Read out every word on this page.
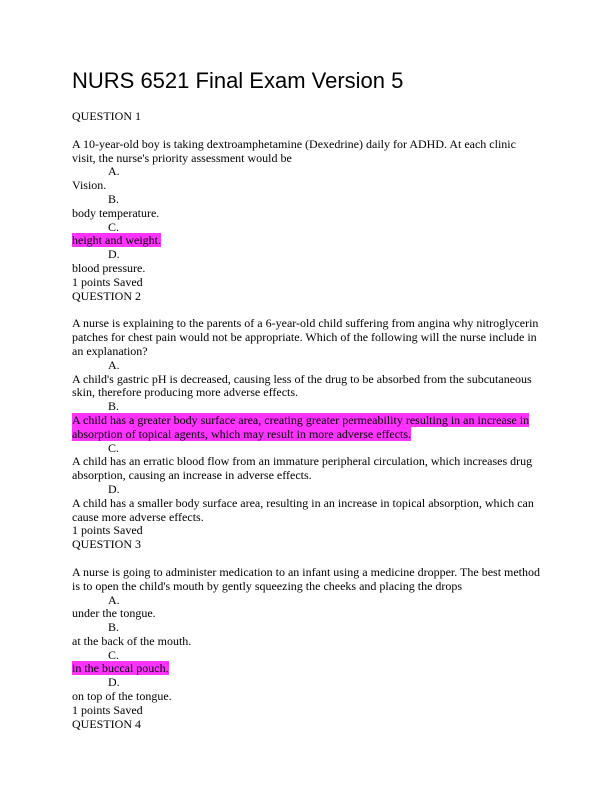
NURS 6521 Final Exam Version 5
QUESTION 1
A 10-year-old boy is taking dextroamphetamine (Dexedrine) daily for ADHD. At each clinic visit, the nurse's priority assessment would be
A.
Vision.
B.
body temperature.
C.
height and weight.
D.
blood pressure.
1 points Saved
QUESTION 2
A nurse is explaining to the parents of a 6-year-old child suffering from angina why nitroglycerin patches for chest pain would not be appropriate. Which of the following will the nurse include in an explanation?
A.
A child's gastric pH is decreased, causing less of the drug to be absorbed from the subcutaneous skin, therefore producing more adverse effects.
B.
A child has a greater body surface area, creating greater permeability resulting in an increase in absorption of topical agents, which may result in more adverse effects.
C.
A child has an erratic blood flow from an immature peripheral circulation, which increases drug absorption, causing an increase in adverse effects.
D.
A child has a smaller body surface area, resulting in an increase in topical absorption, which can cause more adverse effects.
1 points Saved
QUESTION 3
A nurse is going to administer medication to an infant using a medicine dropper. The best method is to open the child's mouth by gently squeezing the cheeks and placing the drops
A.
under the tongue.
B.
at the back of the mouth.
C.
in the buccal pouch.
D.
on top of the tongue.
1 points Saved
QUESTION 4
